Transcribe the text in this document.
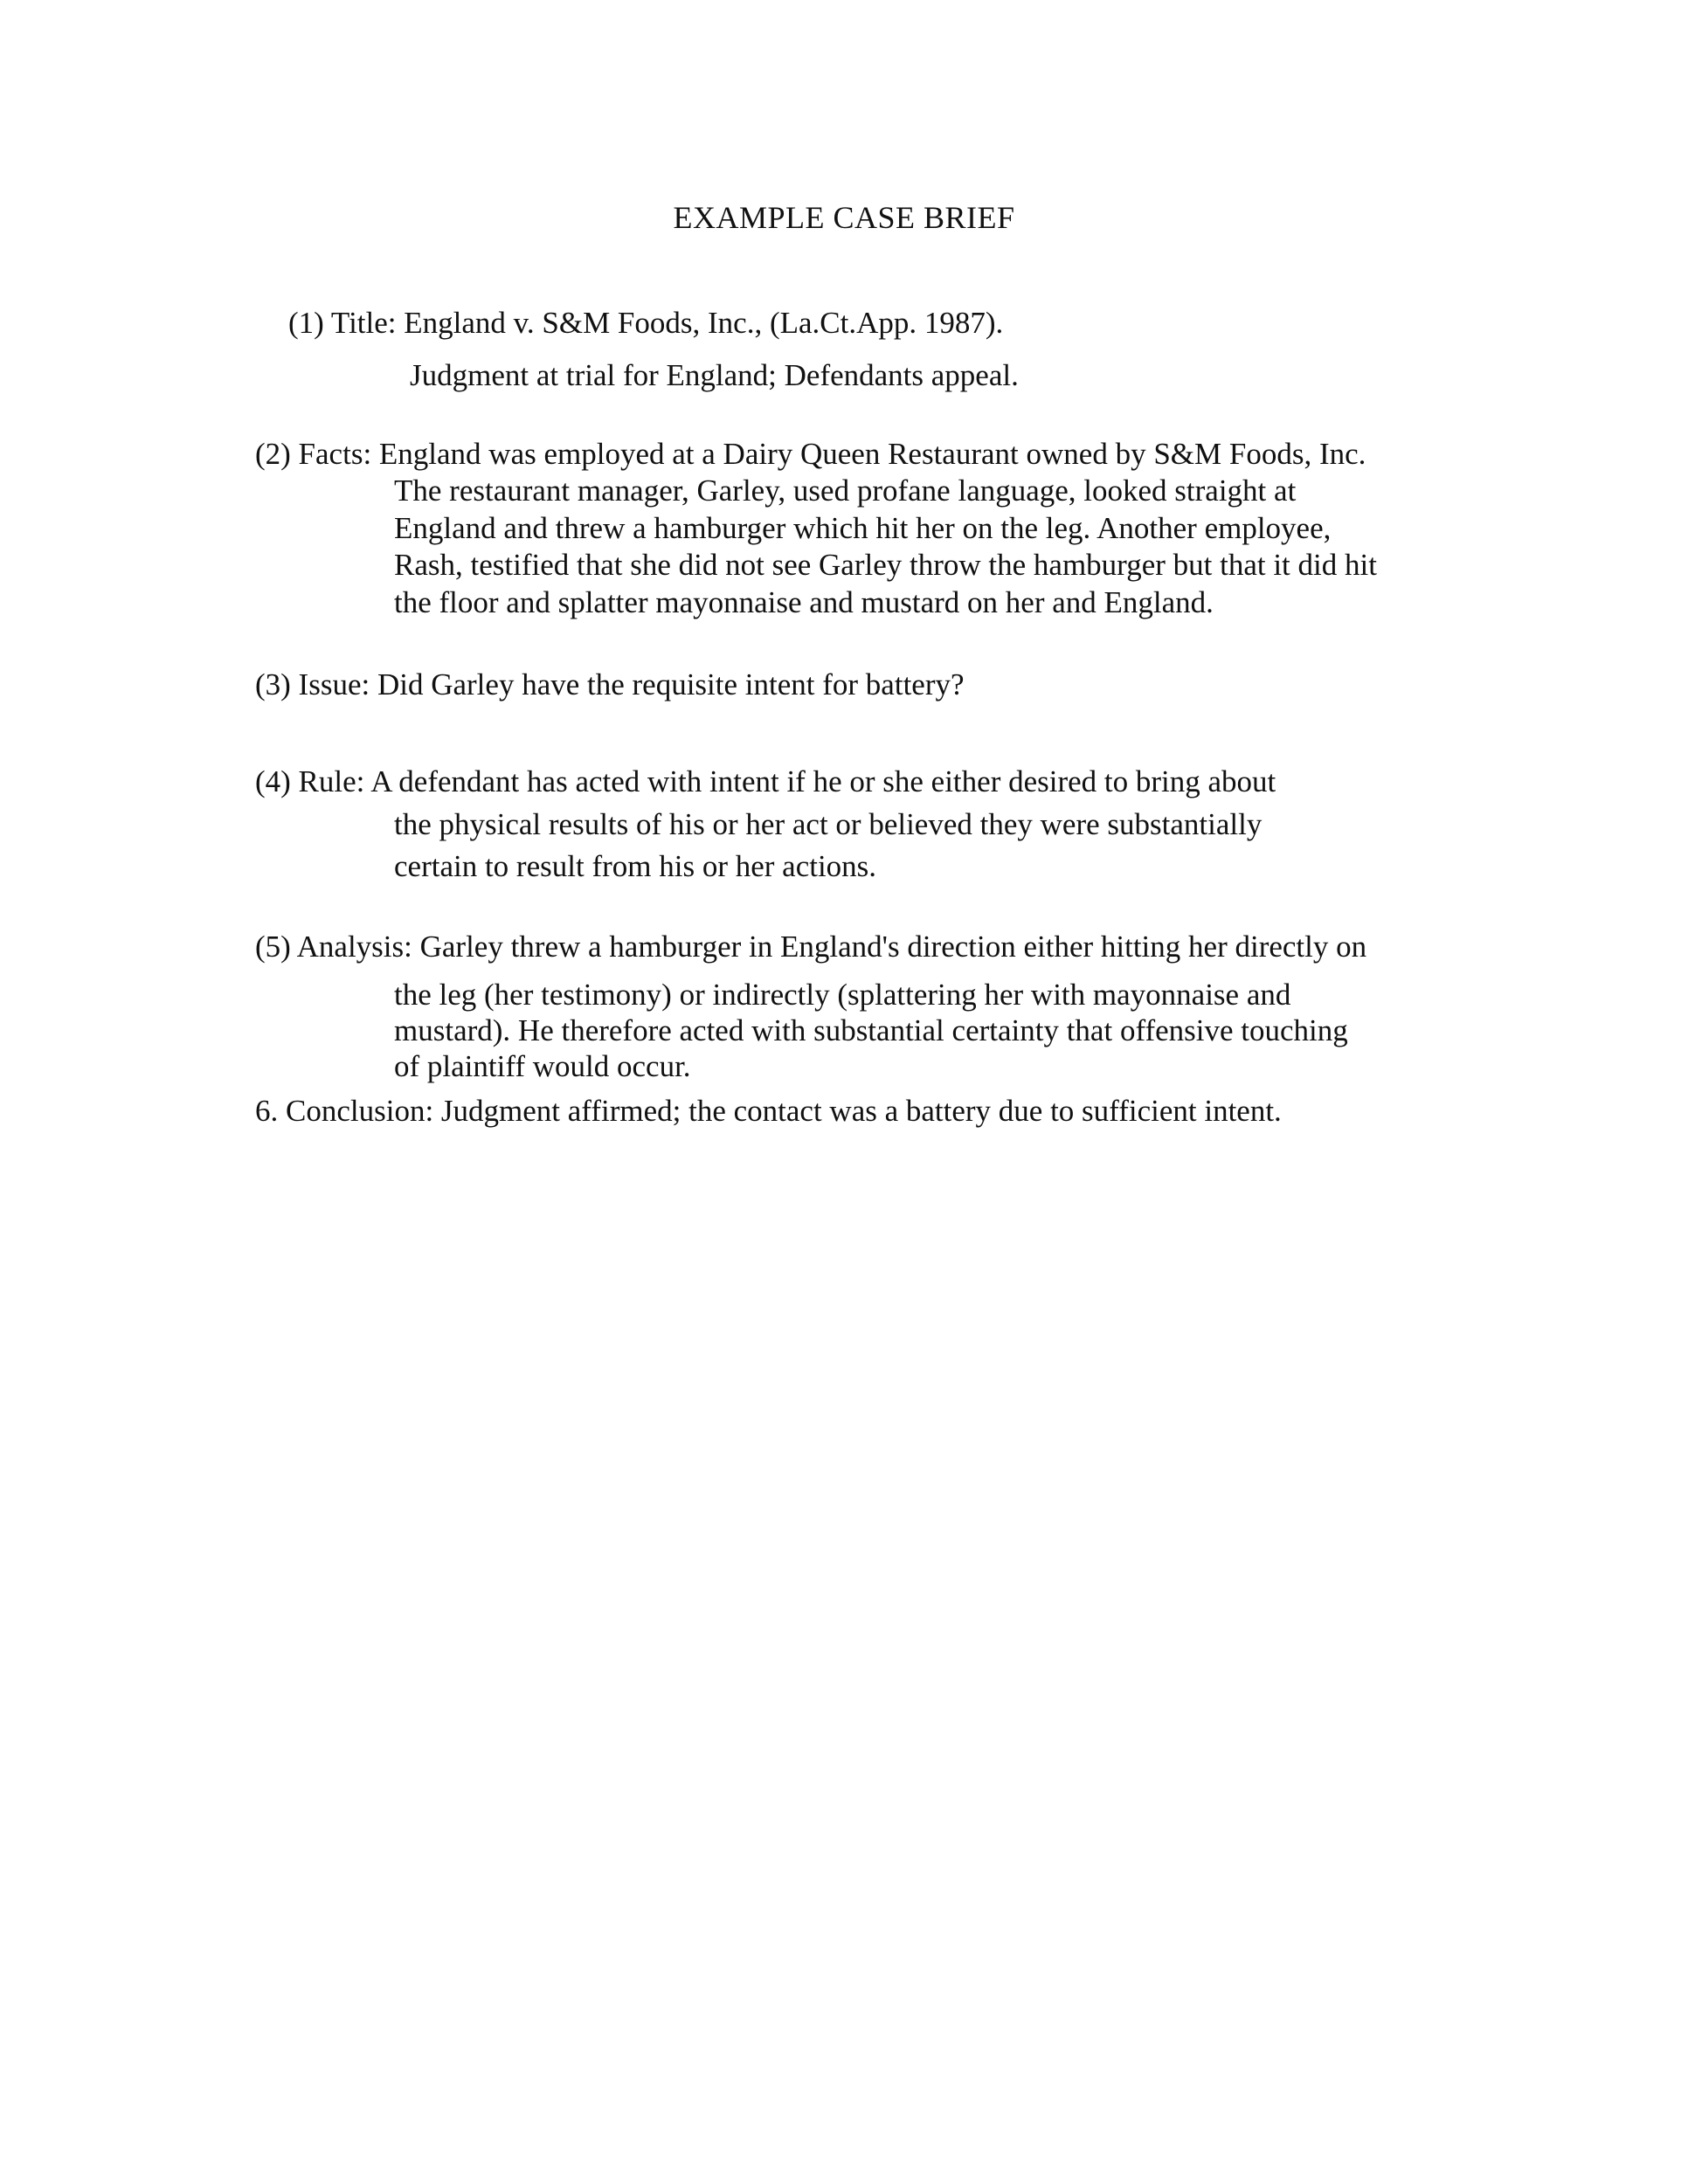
EXAMPLE CASE BRIEF
(1) Title: England v. S&M Foods, Inc., (La.Ct.App. 1987).
Judgment at trial for England; Defendants appeal.
(2) Facts: England was employed at a Dairy Queen Restaurant owned by S&M Foods, Inc.
The restaurant manager, Garley, used profane language, looked straight at
England and threw a hamburger which hit her on the leg. Another employee,
Rash, testified that she did not see Garley throw the hamburger but that it did hit
the floor and splatter mayonnaise and mustard on her and England.
(3) Issue: Did Garley have the requisite intent for battery?
(4) Rule: A defendant has acted with intent if he or she either desired to bring about
the physical results of his or her act or believed they were substantially
certain to result from his or her actions.
(5) Analysis: Garley threw a hamburger in England's direction either hitting her directly on
the leg (her testimony) or indirectly (splattering her with mayonnaise and
mustard). He therefore acted with substantial certainty that offensive touching
of plaintiff would occur.
6. Conclusion: Judgment affirmed; the contact was a battery due to sufficient intent.
